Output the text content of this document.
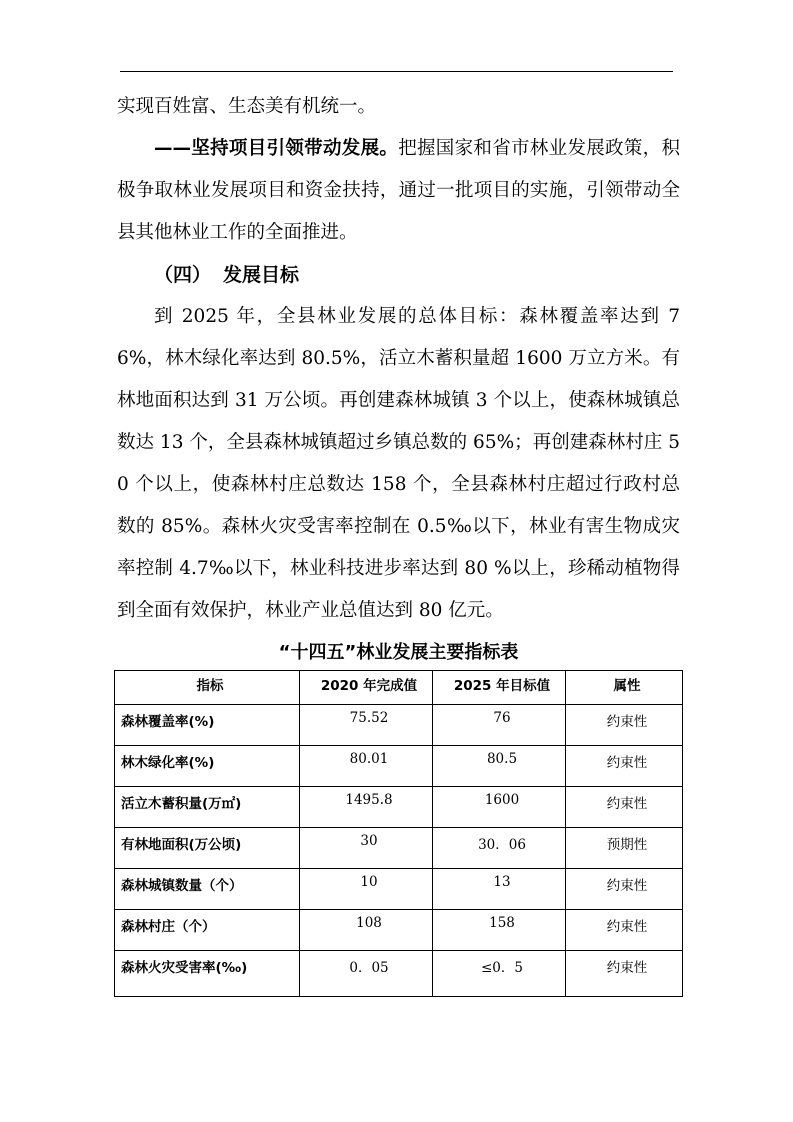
实现百姓富、生态美有机统一。

——坚持项目引领带动发展。把握国家和省市林业发展政策，积极争取林业发展项目和资金扶持，通过一批项目的实施，引领带动全县其他林业工作的全面推进。

（四） 发展目标

到 2025 年，全县林业发展的总体目标：森林覆盖率达到 76%，林木绿化率达到 80.5%，活立木蓄积量超 1600 万立方米。有林地面积达到 31 万公顷。再创建森林城镇 3 个以上，使森林城镇总数达 13 个，全县森林城镇超过乡镇总数的 65%；再创建森林村庄 50 个以上，使森林村庄总数达 158 个，全县森林村庄超过行政村总数的 85%。森林火灾受害率控制在 0.5‰以下，林业有害生物成灾率控制 4.7‰以下，林业科技进步率达到 80 %以上，珍稀动植物得到全面有效保护，林业产业总值达到 80 亿元。

“十四五”林业发展主要指标表
指标	2020 年完成值	2025 年目标值	属性
森林覆盖率(%)	75.52	76	约束性
林木绿化率(%)	80.01	80.5	约束性
活立木蓄积量(万㎡)	1495.8	1600	约束性
有林地面积(万公顷)	30	30．06	预期性
森林城镇数量（个）	10	13	约束性
森林村庄（个）	108	158	约束性
森林火灾受害率(‰)	0．05	≤0．5	约束性
